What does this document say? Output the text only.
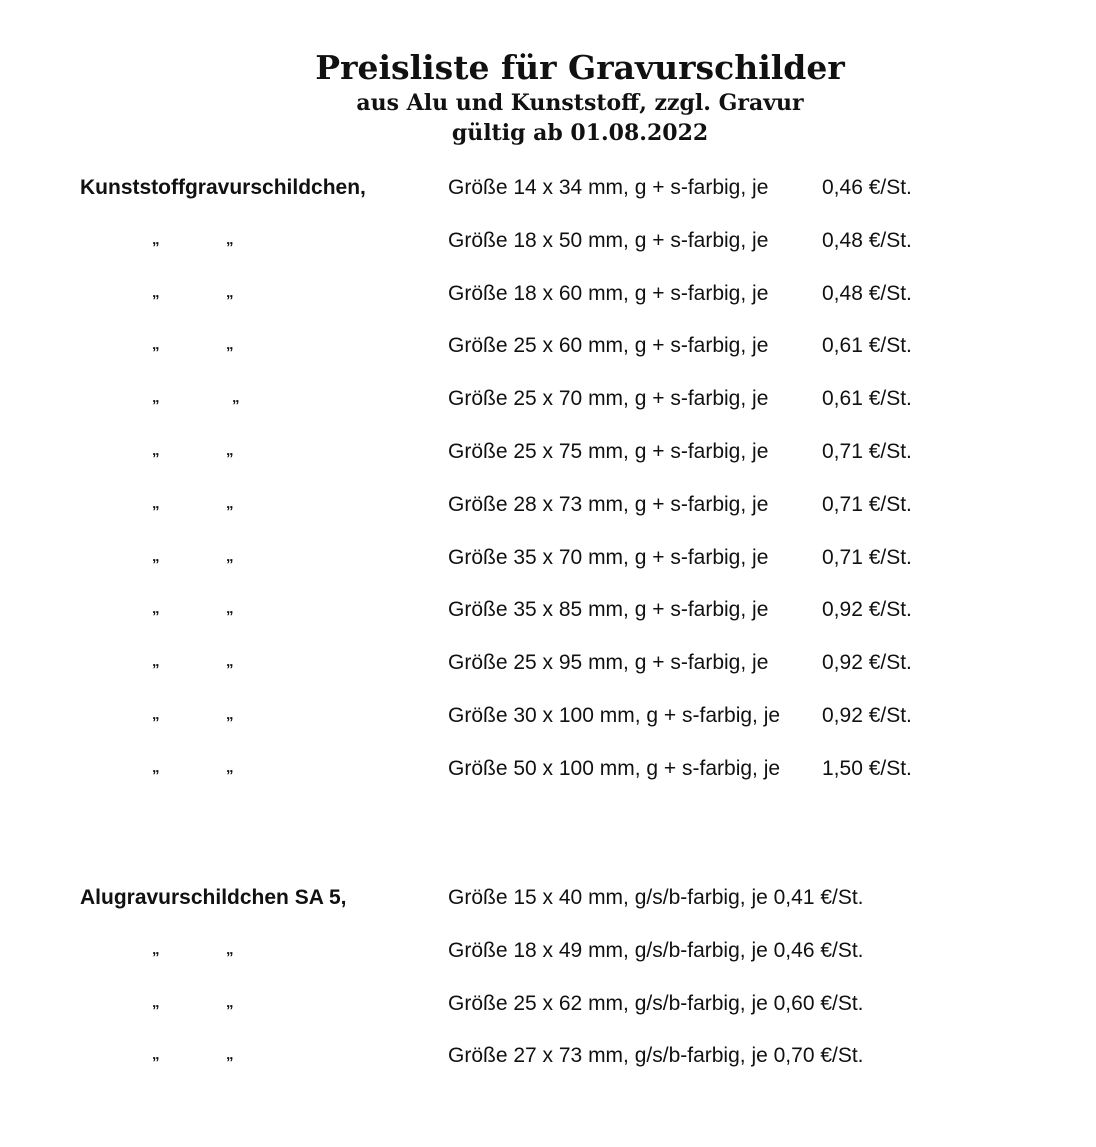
Preisliste für Gravurschilder
aus Alu und Kunststoff, zzgl. Gravur
gültig ab 01.08.2022
Kunststoffgravurschildchen,	Größe 14 x 34 mm, g + s-farbig, je	0,46 €/St.
„	„	Größe 18 x 50 mm, g + s-farbig, je	0,48 €/St.
„	„	Größe 18 x 60 mm, g + s-farbig, je	0,48 €/St.
„	„	Größe 25 x 60 mm, g + s-farbig, je	0,61 €/St.
„	„	Größe 25 x 70 mm, g + s-farbig, je	0,61 €/St.
„	„	Größe 25 x 75 mm, g + s-farbig, je	0,71 €/St.
„	„	Größe 28 x 73 mm, g + s-farbig, je	0,71 €/St.
„	„	Größe 35 x 70 mm, g + s-farbig, je	0,71 €/St.
„	„	Größe 35 x 85 mm, g + s-farbig, je	0,92 €/St.
„	„	Größe 25 x 95 mm, g + s-farbig, je	0,92 €/St.
„	„	Größe 30 x 100 mm, g + s-farbig, je 0,92 €/St.
„	„	Größe 50 x 100 mm, g + s-farbig, je 1,50 €/St.
Alugravurschildchen SA 5,	Größe 15 x 40 mm, g/s/b-farbig, je 0,41 €/St.
„	„	Größe 18 x 49 mm, g/s/b-farbig, je 0,46 €/St.
„	„	Größe 25 x 62 mm, g/s/b-farbig, je 0,60 €/St.
„	„	Größe 27 x 73 mm, g/s/b-farbig, je 0,70 €/St.
